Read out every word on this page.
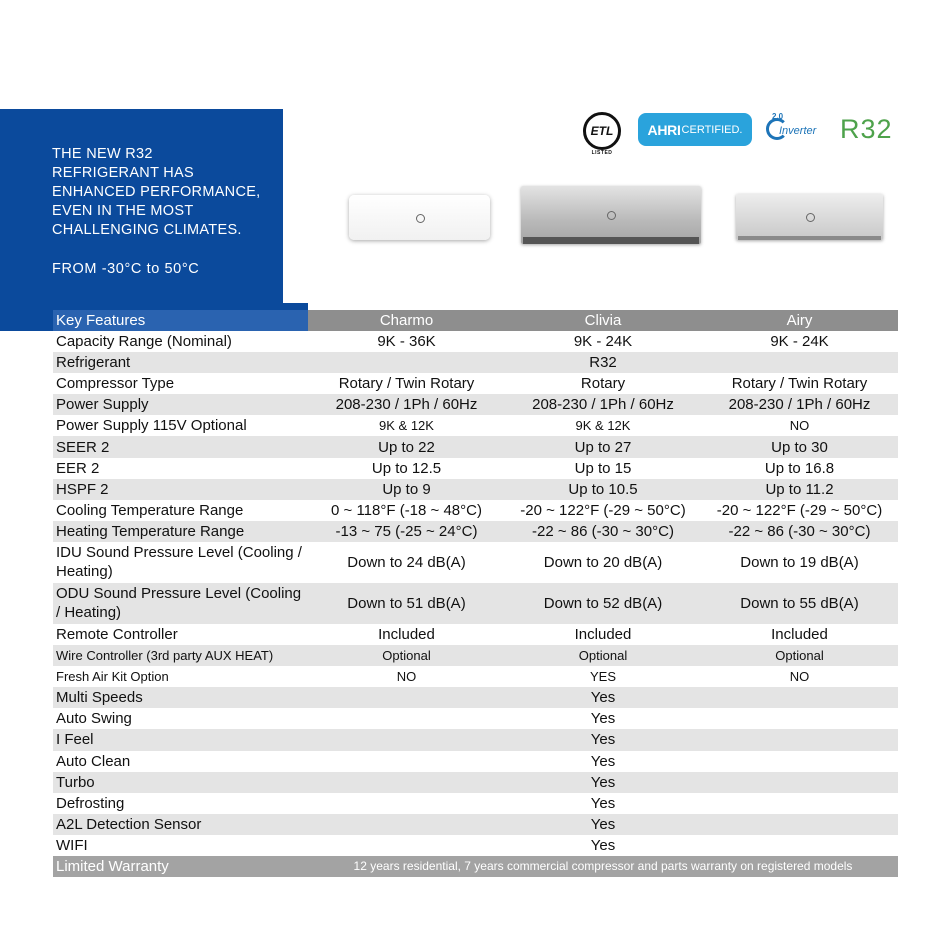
THE NEW R32 REFRIGERANT HAS ENHANCED PERFORMANCE, EVEN IN THE MOST CHALLENGING CLIMATES.
FROM -30°C to 50°C
ETL
LISTED
AHRI CERTIFIED.
2.0
Inverter R32
Key Features	Charmo	Clivia	Airy
Capacity Range (Nominal)	9K - 36K	9K - 24K	9K - 24K
Refrigerant	R32		
Compressor Type	Rotary / Twin Rotary	Rotary	Rotary / Twin Rotary
Power Supply	208-230 / 1Ph / 60Hz	208-230 / 1Ph / 60Hz	208-230 / 1Ph / 60Hz
Power Supply 115V Optional	9K & 12K	9K & 12K	NO
SEER 2	Up to 22	Up to 27	Up to 30
EER 2	Up to 12.5	Up to 15	Up to 16.8
HSPF 2	Up to 9	Up to 10.5	Up to 11.2
Cooling Temperature Range	0 ~ 118°F (-18 ~ 48°C)	-20 ~ 122°F (-29 ~ 50°C)	-20 ~ 122°F (-29 ~ 50°C)
Heating Temperature Range	-13 ~ 75 (-25 ~ 24°C)	-22 ~ 86 (-30 ~ 30°C)	-22 ~ 86 (-30 ~ 30°C)
IDU Sound Pressure Level (Cooling / Heating)	Down to 24 dB(A)	Down to 20 dB(A)	Down to 19 dB(A)
ODU Sound Pressure Level (Cooling / Heating)	Down to 51 dB(A)	Down to 52 dB(A)	Down to 55 dB(A)
Remote Controller	Included	Included	Included
Wire Controller (3rd party AUX HEAT)	Optional	Optional	Optional
Fresh Air Kit Option	NO	YES	NO
Multi Speeds	Yes		
Auto Swing	Yes		
I Feel	Yes		
Auto Clean	Yes		
Turbo	Yes		
Defrosting	Yes		
A2L Detection Sensor	Yes		
WIFI	Yes		
Limited Warranty	12 years residential, 7 years commercial compressor and parts warranty on registered models		
